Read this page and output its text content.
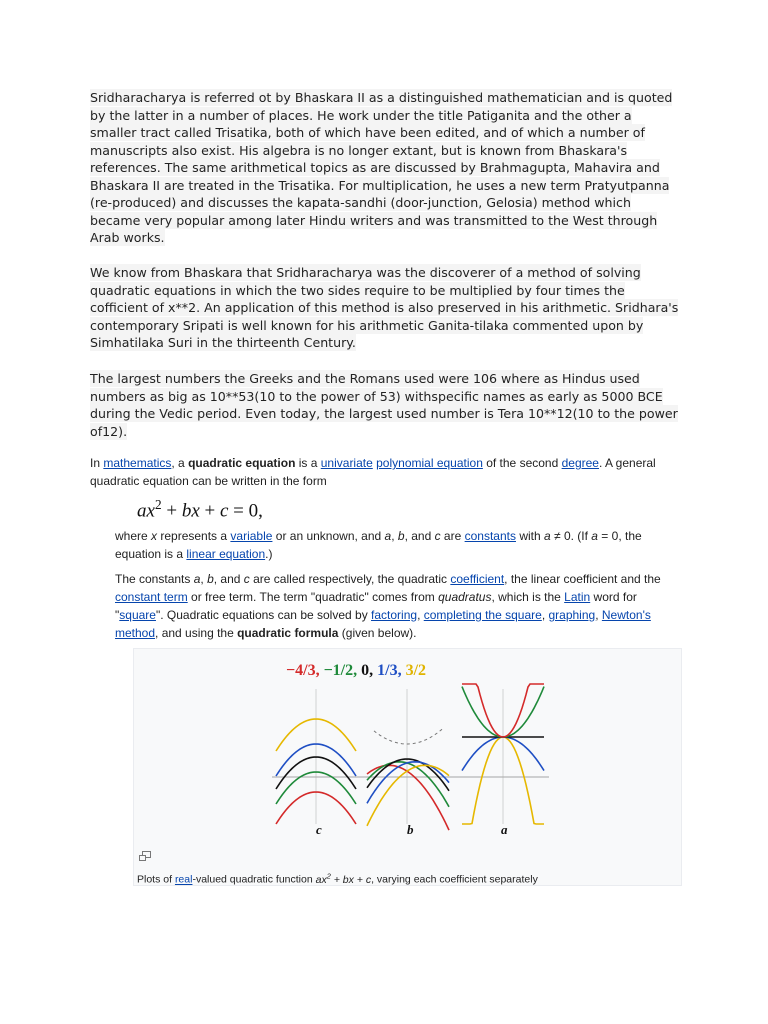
Sridharacharya is referred ot by Bhaskara II as a distinguished mathematician and is quoted by the latter in a number of places. He work under the title Patiganita and the other a smaller tract called Trisatika, both of which have been edited, and of which a number of manuscripts also exist. His algebra is no longer extant, but is known from Bhaskara's references. The same arithmetical topics as are discussed by Brahmagupta, Mahavira and Bhaskara II are treated in the Trisatika. For multiplication, he uses a new term Pratyutpanna (re-produced) and discusses the kapata-sandhi (door-junction, Gelosia) method which became very popular among later Hindu writers and was transmitted to the West through Arab works.
We know from Bhaskara that Sridharacharya was the discoverer of a method of solving quadratic equations in which the two sides require to be multiplied by four times the cofficient of x**2. An application of this method is also preserved in his arithmetic. Sridhara's contemporary Sripati is well known for his arithmetic Ganita-tilaka commented upon by Simhatilaka Suri in the thirteenth Century.
The largest numbers the Greeks and the Romans used were 106 where as Hindus used numbers as big as 10**53(10 to the power of 53) withspecific names as early as 5000 BCE during the Vedic period. Even today, the largest used number is Tera 10**12(10 to the power of12).
In mathematics, a quadratic equation is a univariate polynomial equation of the second degree. A general quadratic equation can be written in the form
$ax^2$ + bx + c = 0,
where x represents a variable or an unknown, and a, b, and c are constants with a ≠ 0. (If a = 0, the equation is a linear equation.)
The constants a, b, and c are called respectively, the quadratic coefficient, the linear coefficient and the constant term or free term. The term "quadratic" comes from quadratus, which is the Latin word for "square". Quadratic equations can be solved by factoring, completing the square, graphing, Newton's method, and using the quadratic formula (given below).
−4/3, −1/2, 0, 1/3, 3/2
c	b	a
Plots of real-valued quadratic function $ax^2$ + bx + c, varying each coefficient separately
